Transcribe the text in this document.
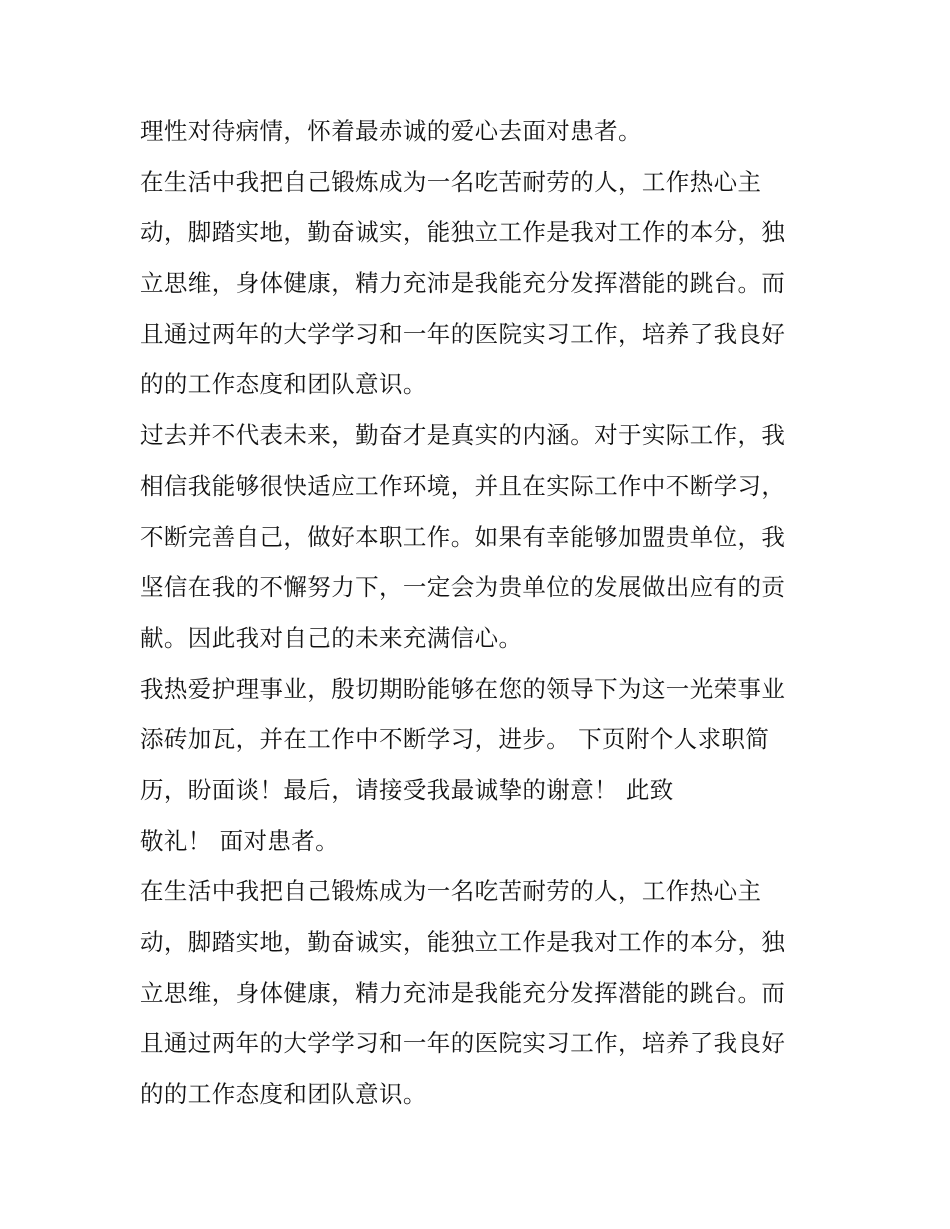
理性对待病情，怀着最赤诚的爱心去面对患者。
在生活中我把自己锻炼成为一名吃苦耐劳的人，工作热心主
动，脚踏实地，勤奋诚实，能独立工作是我对工作的本分，独
立思维，身体健康，精力充沛是我能充分发挥潜能的跳台。而
且通过两年的大学学习和一年的医院实习工作，培养了我良好
的的工作态度和团队意识。
过去并不代表未来，勤奋才是真实的内涵。对于实际工作，我
相信我能够很快适应工作环境，并且在实际工作中不断学习，
不断完善自己，做好本职工作。如果有幸能够加盟贵单位，我
坚信在我的不懈努力下，一定会为贵单位的发展做出应有的贡
献。因此我对自己的未来充满信心。
我热爱护理事业，殷切期盼能够在您的领导下为这一光荣事业
添砖加瓦，并在工作中不断学习，进步。 下页附个人求职简
历，盼面谈！最后，请接受我最诚挚的谢意！ 此致
敬礼！ 面对患者。
在生活中我把自己锻炼成为一名吃苦耐劳的人，工作热心主
动，脚踏实地，勤奋诚实，能独立工作是我对工作的本分，独
立思维，身体健康，精力充沛是我能充分发挥潜能的跳台。而
且通过两年的大学学习和一年的医院实习工作，培养了我良好
的的工作态度和团队意识。
